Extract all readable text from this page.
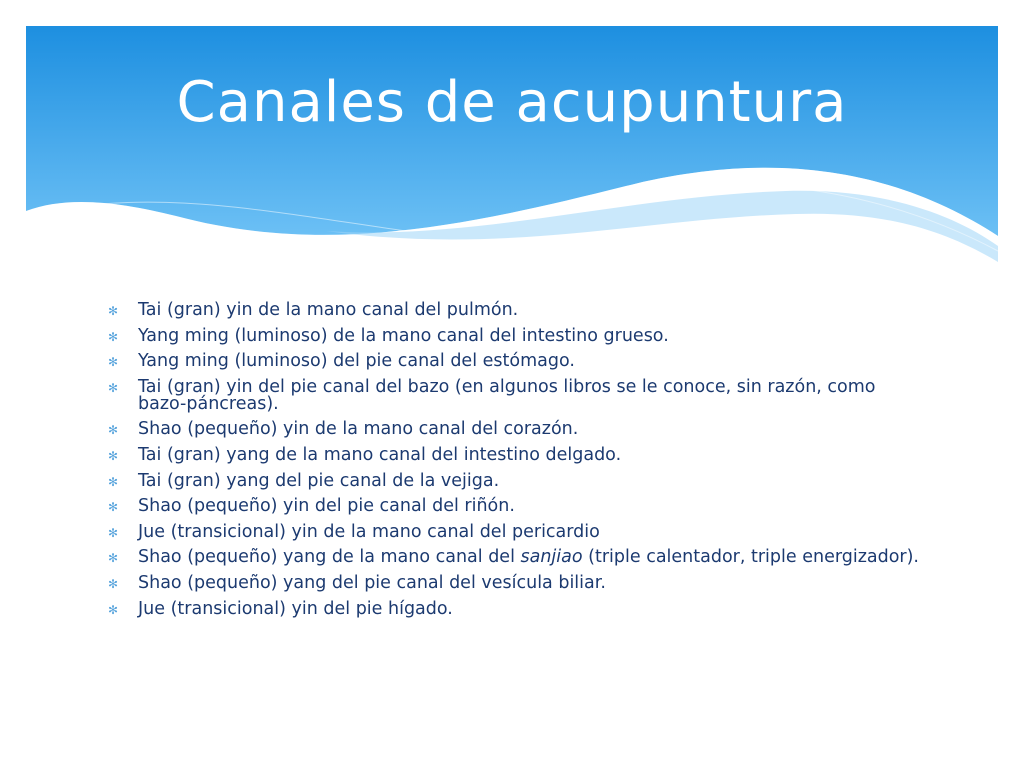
Canales de acupuntura
✻ Tai (gran) yin de la mano canal del pulmón.
✻ Yang ming (luminoso) de la mano canal del intestino grueso.
✻ Yang ming (luminoso) del pie canal del estómago.
✻ Tai (gran) yin del pie canal del bazo (en algunos libros se le conoce, sin razón, como bazo-páncreas).
✻ Shao (pequeño) yin de la mano canal del corazón.
✻ Tai (gran) yang de la mano canal del intestino delgado.
✻ Tai (gran) yang del pie canal de la vejiga.
✻ Shao (pequeño) yin del pie canal del riñón.
✻ Jue (transicional) yin de la mano canal del pericardio
✻ Shao (pequeño) yang de la mano canal del sanjiao (triple calentador, triple energizador).
✻ Shao (pequeño) yang del pie canal del vesícula biliar.
✻ Jue (transicional) yin del pie hígado.
